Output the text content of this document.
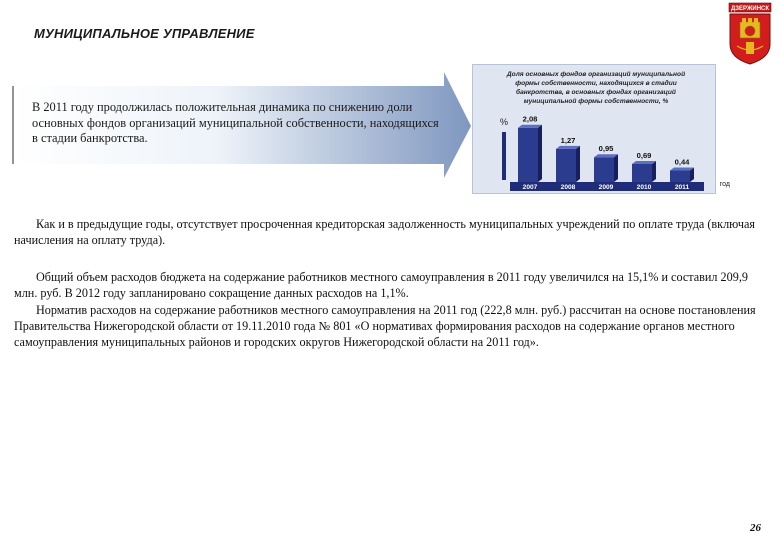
МУНИЦИПАЛЬНОЕ УПРАВЛЕНИЕ
ДЗЕРЖИНСК

В 2011 году продолжилась положительная динамика по снижению доли основных фондов организаций муниципальной собственности, находящихся в стадии банкротства.

Доля основных фондов организаций муниципальной
формы собственности, находящихся в стадии
банкротства, в основных фондах организаций
муниципальной формы собственности, %
%
год
2,08
2007
1,27
2008
0,95
2009
0,69
2010
0,44
2011

Как и в предыдущие годы, отсутствует просроченная кредиторская задолженность муниципальных учреждений по оплате труда (включая начисления на оплату труда).

Общий объем расходов бюджета на содержание работников местного самоуправления в 2011 году увеличился на 15,1% и составил 209,9 млн. руб. В 2012 году запланировано сокращение данных расходов на 1,1%.

Норматив расходов на содержание работников местного самоуправления на 2011 год (222,8 млн. руб.) рассчитан на основе постановления Правительства Нижегородской области от 19.11.2010 года № 801 «О нормативах формирования расходов на содержание органов местного самоуправления муниципальных районов и городских округов Нижегородской области на 2011 год».

26
